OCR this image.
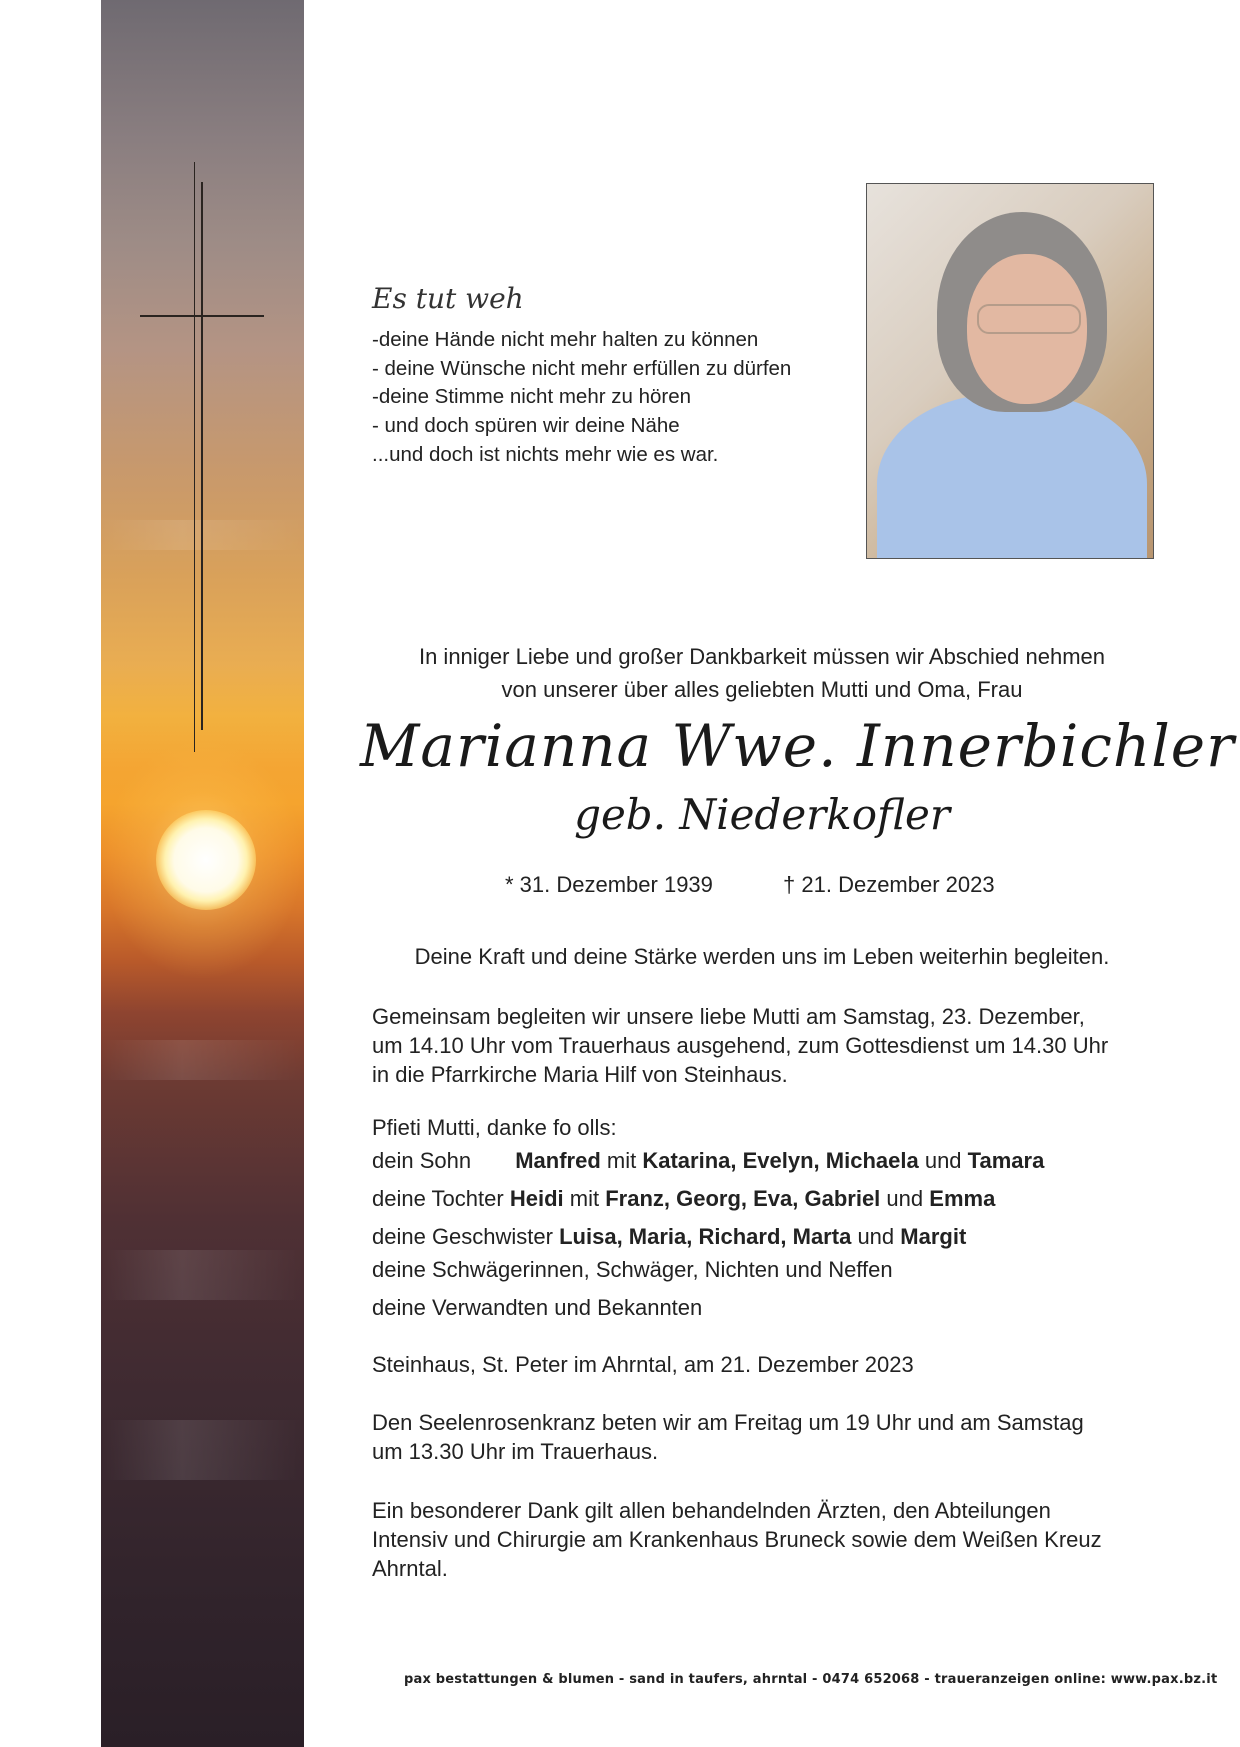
Es tut weh
-deine Hände nicht mehr halten zu können
- deine Wünsche nicht mehr erfüllen zu dürfen
-deine Stimme nicht mehr zu hören
- und doch spüren wir deine Nähe
...und doch ist nichts mehr wie es war.
In inniger Liebe und großer Dankbarkeit müssen wir Abschied nehmen
von unserer über alles geliebten Mutti und Oma, Frau
Marianna Wwe. Innerbichler
geb. Niederkofler
* 31. Dezember 1939	† 21. Dezember 2023
Deine Kraft und deine Stärke werden uns im Leben weiterhin begleiten.
Gemeinsam begleiten wir unsere liebe Mutti am Samstag, 23. Dezember,
um 14.10 Uhr vom Trauerhaus ausgehend, zum Gottesdienst um 14.30 Uhr
in die Pfarrkirche Maria Hilf von Steinhaus.
Pfieti Mutti, danke fo olls:
dein Sohn Manfred mit Katarina, Evelyn, Michaela und Tamara
deine Tochter Heidi mit Franz, Georg, Eva, Gabriel und Emma
deine Geschwister Luisa, Maria, Richard, Marta und Margit
deine Schwägerinnen, Schwäger, Nichten und Neffen
deine Verwandten und Bekannten
Steinhaus, St. Peter im Ahrntal, am 21. Dezember 2023
Den Seelenrosenkranz beten wir am Freitag um 19 Uhr und am Samstag
um 13.30 Uhr im Trauerhaus.
Ein besonderer Dank gilt allen behandelnden Ärzten, den Abteilungen
Intensiv und Chirurgie am Krankenhaus Bruneck sowie dem Weißen Kreuz
Ahrntal.
pax bestattungen & blumen - sand in taufers, ahrntal - 0474 652068 - traueranzeigen online: www.pax.bz.it
